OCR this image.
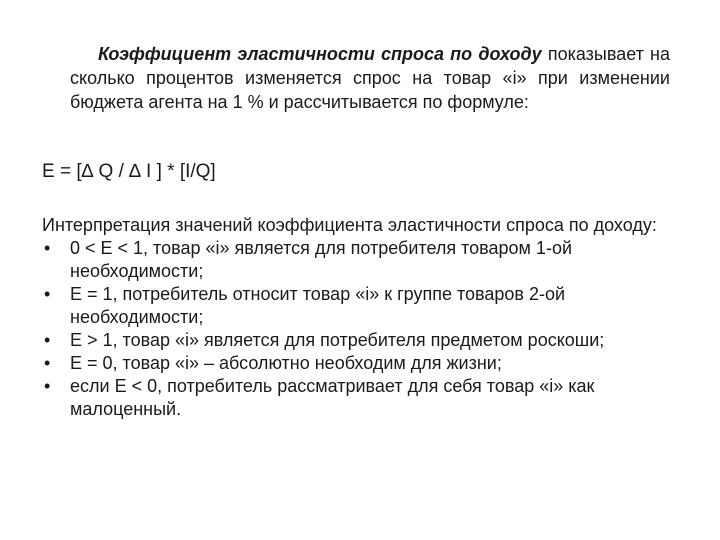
Коэффициент эластичности спроса по доходу показывает на сколько процентов изменяется спрос на товар «i» при изменении бюджета агента на 1 % и рассчитывается по формуле:

E = [∆ Q / ∆ I ] * [I/Q]
Интерпретация значений коэффициента эластичности спроса по доходу:
• 0 < E < 1, товар «i» является для потребителя товаром 1-ой необходимости;
• E = 1, потребитель относит товар «i» к группе товаров 2-ой необходимости;
• E > 1, товар «i» является для потребителя предметом роскоши;
• E = 0, товар «i» – абсолютно необходим для жизни;
• если E < 0, потребитель рассматривает для себя товар «i» как малоценный.
